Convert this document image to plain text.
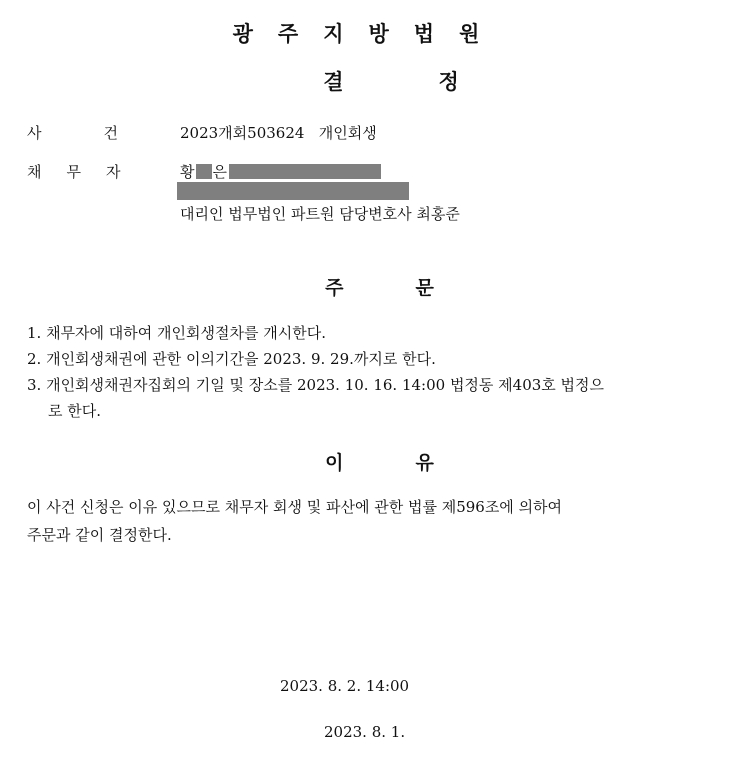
광주지방법원
결정
사건 2023개회503624   개인회생
채무자 황 은
대리인 법무법인 파트원 담당변호사 최홍준
주문
1. 채무자에 대하여 개인회생절차를 개시한다.
2. 개인회생채권에 관한 이의기간을 2023. 9. 29.까지로 한다.
3. 개인회생채권자집회의 기일 및 장소를 2023. 10. 16. 14:00 법정동 제403호 법정으
로 한다.
이유
이 사건 신청은 이유 있으므로 채무자 회생 및 파산에 관한 법률 제596조에 의하여
주문과 같이 결정한다.
2023. 8. 2. 14:00
2023. 8. 1.
